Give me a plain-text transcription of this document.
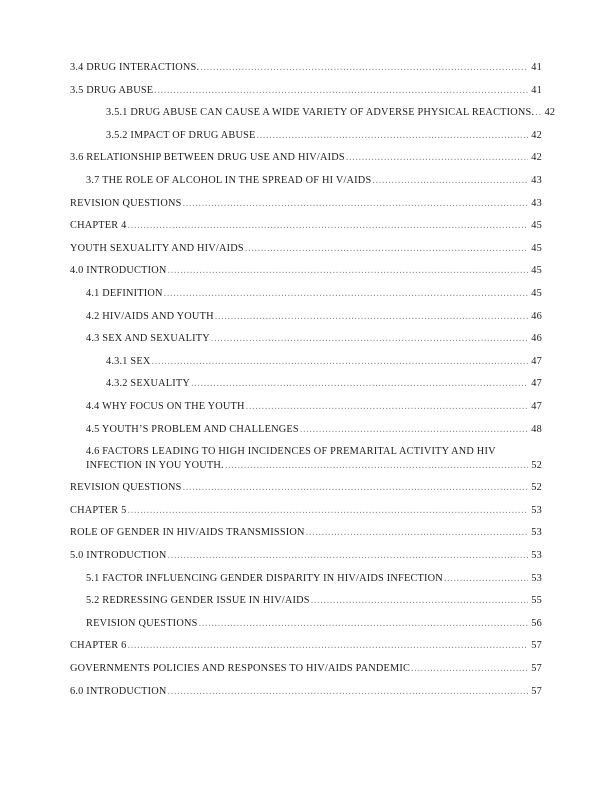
3.4 DRUG INTERACTIONS. .....	41
3.5 DRUG ABUSE .....	41
3.5.1 DRUG ABUSE CAN CAUSE A WIDE VARIETY OF ADVERSE PHYSICAL REACTIONS. ..... 42
3.5.2 IMPACT OF DRUG ABUSE .....	42
3.6 RELATIONSHIP BETWEEN DRUG USE AND HIV/AIDS .....	42
3.7 THE ROLE OF ALCOHOL IN THE SPREAD OF HI V/AIDS .....	43
REVISION QUESTIONS .....	43
CHAPTER 4 .....	45
YOUTH SEXUALITY AND HIV/AIDS .....	45
4.0 INTRODUCTION .....	45
4.1 DEFINITION .....	45
4.2 HIV/AIDS AND YOUTH .....	46
4.3 SEX AND SEXUALITY .....	46
4.3.1 SEX .....	47
4.3.2 SEXUALITY .....	47
4.4 WHY FOCUS ON THE YOUTH .....	47
4.5 YOUTH’S PROBLEM AND CHALLENGES .....	48
4.6 FACTORS LEADING TO HIGH INCIDENCES OF PREMARITAL ACTIVITY AND HIV
INFECTION IN YOU YOUTH. .....	52
REVISION QUESTIONS .....	52
CHAPTER 5 .....	53
ROLE OF GENDER IN HIV/AIDS TRANSMISSION .....	53
5.0 INTRODUCTION .....	53
5.1 FACTOR INFLUENCING GENDER DISPARITY IN HIV/AIDS INFECTION .....	53
5.2 REDRESSING GENDER ISSUE IN HIV/AIDS .....	55
REVISION QUESTIONS .....	56
CHAPTER 6 .....	57
GOVERNMENTS POLICIES AND RESPONSES TO HIV/AIDS PANDEMIC .....	57
6.0 INTRODUCTION .....	57
